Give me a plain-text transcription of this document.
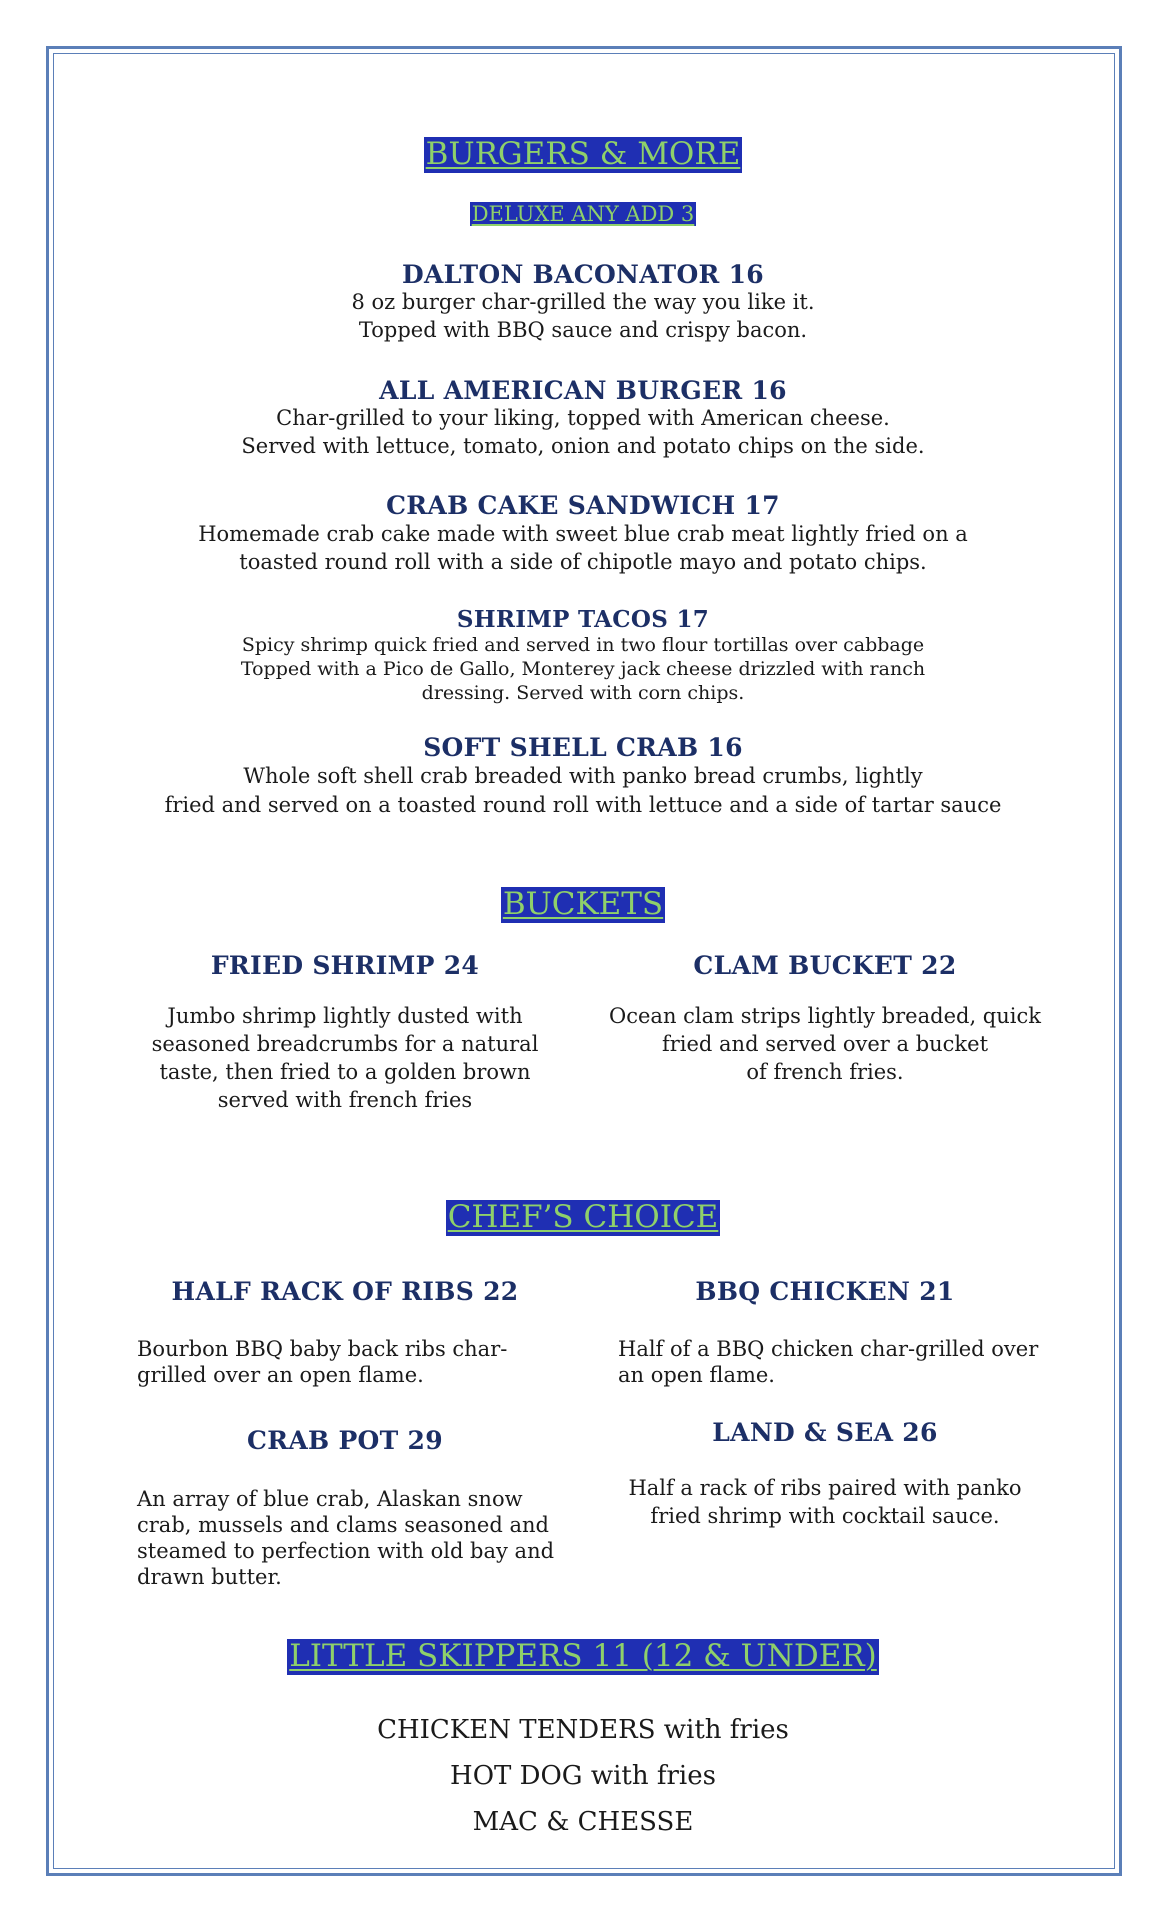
BURGERS & MORE
DELUXE ANY ADD 3
DALTON BACONATOR 16
8 oz burger char-grilled the way you like it.
Topped with BBQ sauce and crispy bacon.
ALL AMERICAN BURGER 16
Char-grilled to your liking, topped with American cheese.
Served with lettuce, tomato, onion and potato chips on the side.
CRAB CAKE SANDWICH 17
Homemade crab cake made with sweet blue crab meat lightly fried on a
toasted round roll with a side of chipotle mayo and potato chips.
SHRIMP TACOS 17
Spicy shrimp quick fried and served in two flour tortillas over cabbage
Topped with a Pico de Gallo, Monterey jack cheese drizzled with ranch
dressing. Served with corn chips.
SOFT SHELL CRAB 16
Whole soft shell crab breaded with panko bread crumbs, lightly
fried and served on a toasted round roll with lettuce and a side of tartar sauce
BUCKETS
FRIED SHRIMP 24
Jumbo shrimp lightly dusted with
seasoned breadcrumbs for a natural
taste, then fried to a golden brown
served with french fries
CLAM BUCKET 22
Ocean clam strips lightly breaded, quick
fried and served over a bucket
of french fries.
CHEF’S CHOICE
HALF RACK OF RIBS 22
Bourbon BBQ baby back ribs char-
grilled over an open flame.
BBQ CHICKEN 21
Half of a BBQ chicken char-grilled over
an open flame.
CRAB POT 29
An array of blue crab, Alaskan snow
crab, mussels and clams seasoned and
steamed to perfection with old bay and
drawn butter.
LAND & SEA 26
Half a rack of ribs paired with panko
fried shrimp with cocktail sauce.
LITTLE SKIPPERS 11 (12 & UNDER)
CHICKEN TENDERS with fries
HOT DOG with fries
MAC & CHESSE
